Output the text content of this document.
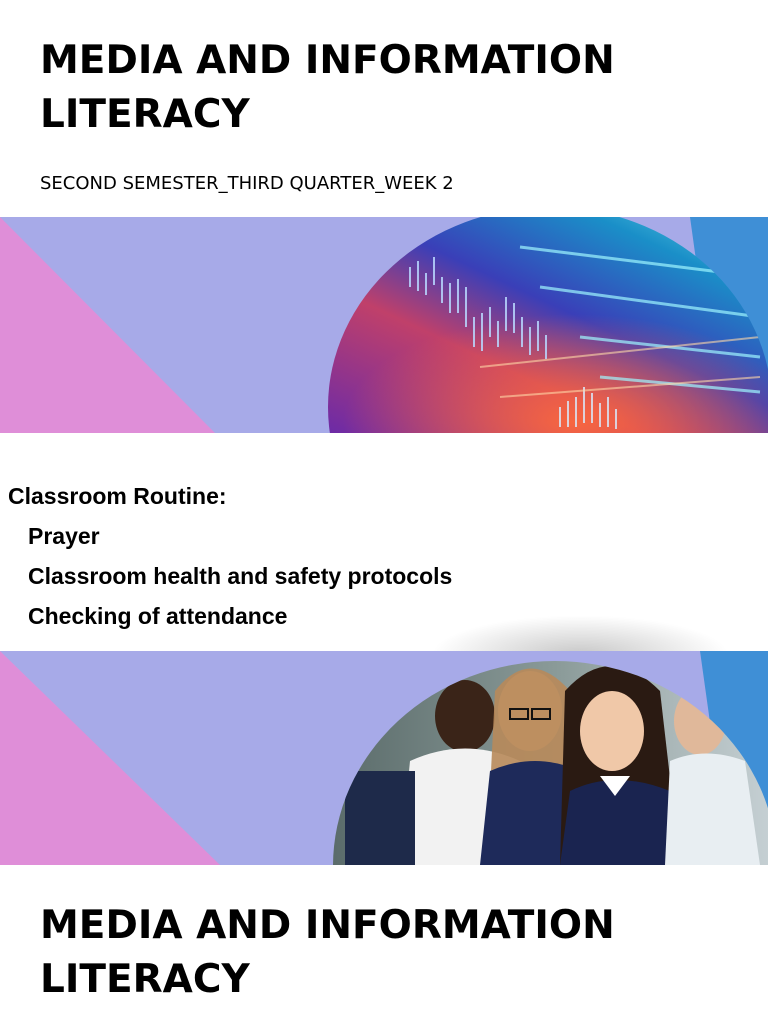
MEDIA AND INFORMATION
LITERACY
SECOND SEMESTER_THIRD QUARTER_WEEK 2

Classroom Routine:

Prayer
Classroom health and safety protocols
Checking of attendance
MEDIA AND INFORMATION
LITERACY
